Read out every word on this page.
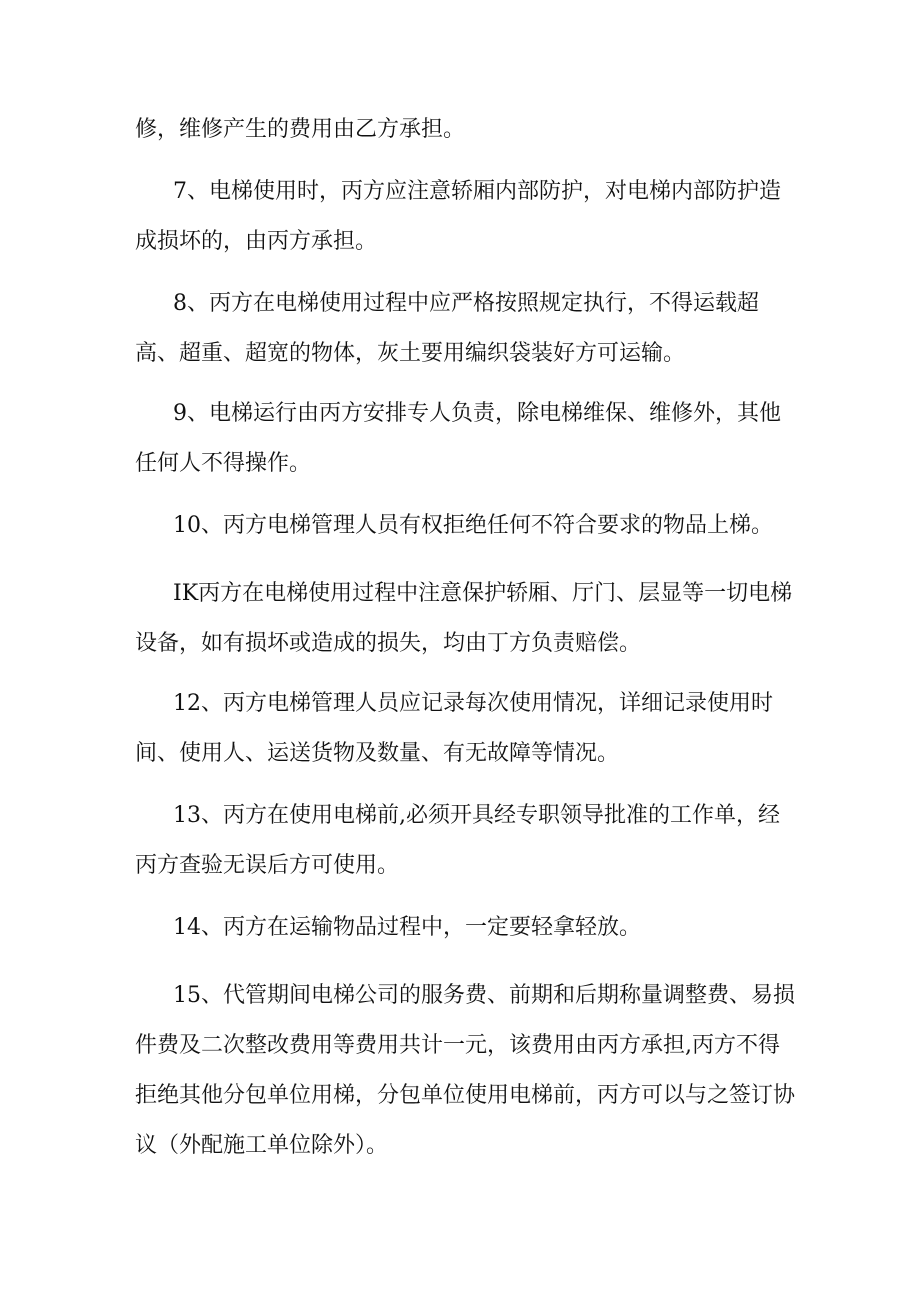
修，维修产生的费用由乙方承担。
7、电梯使用时，丙方应注意轿厢内部防护，对电梯内部防护造
成损坏的，由丙方承担。
8、丙方在电梯使用过程中应严格按照规定执行，不得运载超
高、超重、超宽的物体，灰土要用编织袋装好方可运输。
9、电梯运行由丙方安排专人负责，除电梯维保、维修外，其他
任何人不得操作。
10、丙方电梯管理人员有权拒绝任何不符合要求的物品上梯。
IK丙方在电梯使用过程中注意保护轿厢、厅门、层显等一切电梯
设备，如有损坏或造成的损失，均由丁方负责赔偿。
12、丙方电梯管理人员应记录每次使用情况，详细记录使用时
间、使用人、运送货物及数量、有无故障等情况。
13、丙方在使用电梯前,必须开具经专职领导批准的工作单，经
丙方查验无误后方可使用。
14、丙方在运输物品过程中，一定要轻拿轻放。
15、代管期间电梯公司的服务费、前期和后期称量调整费、易损
件费及二次整改费用等费用共计一元，该费用由丙方承担,丙方不得
拒绝其他分包单位用梯，分包单位使用电梯前，丙方可以与之签订协
议（外配施工单位除外）。
